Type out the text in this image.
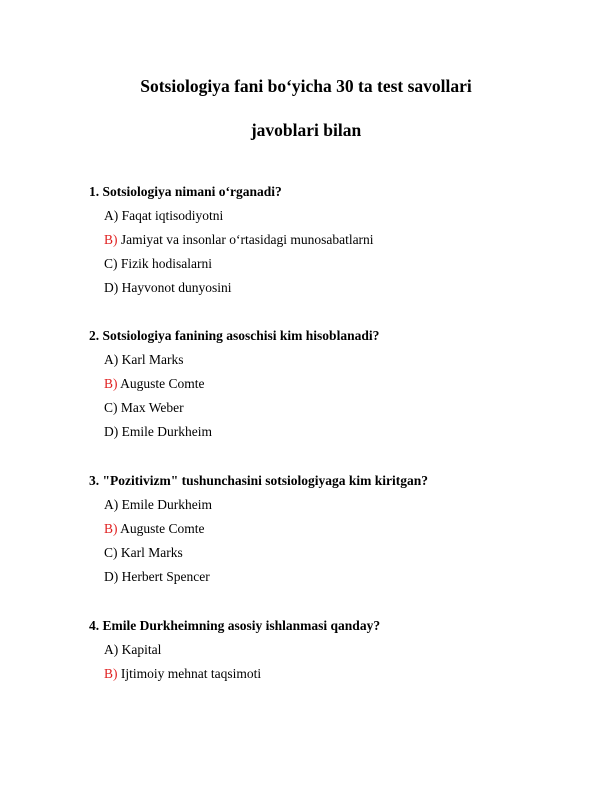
Sotsiologiya fani bo‘yicha 30 ta test savollari
javoblari bilan
1. Sotsiologiya nimani o‘rganadi?
A) Faqat iqtisodiyotni
B) Jamiyat va insonlar o‘rtasidagi munosabatlarni
C) Fizik hodisalarni
D) Hayvonot dunyosini
2. Sotsiologiya fanining asoschisi kim hisoblanadi?
A) Karl Marks
B) Auguste Comte
C) Max Weber
D) Emile Durkheim
3. "Pozitivizm" tushunchasini sotsiologiyaga kim kiritgan?
A) Emile Durkheim
B) Auguste Comte
C) Karl Marks
D) Herbert Spencer
4. Emile Durkheimning asosiy ishlanmasi qanday?
A) Kapital
B) Ijtimoiy mehnat taqsimoti
